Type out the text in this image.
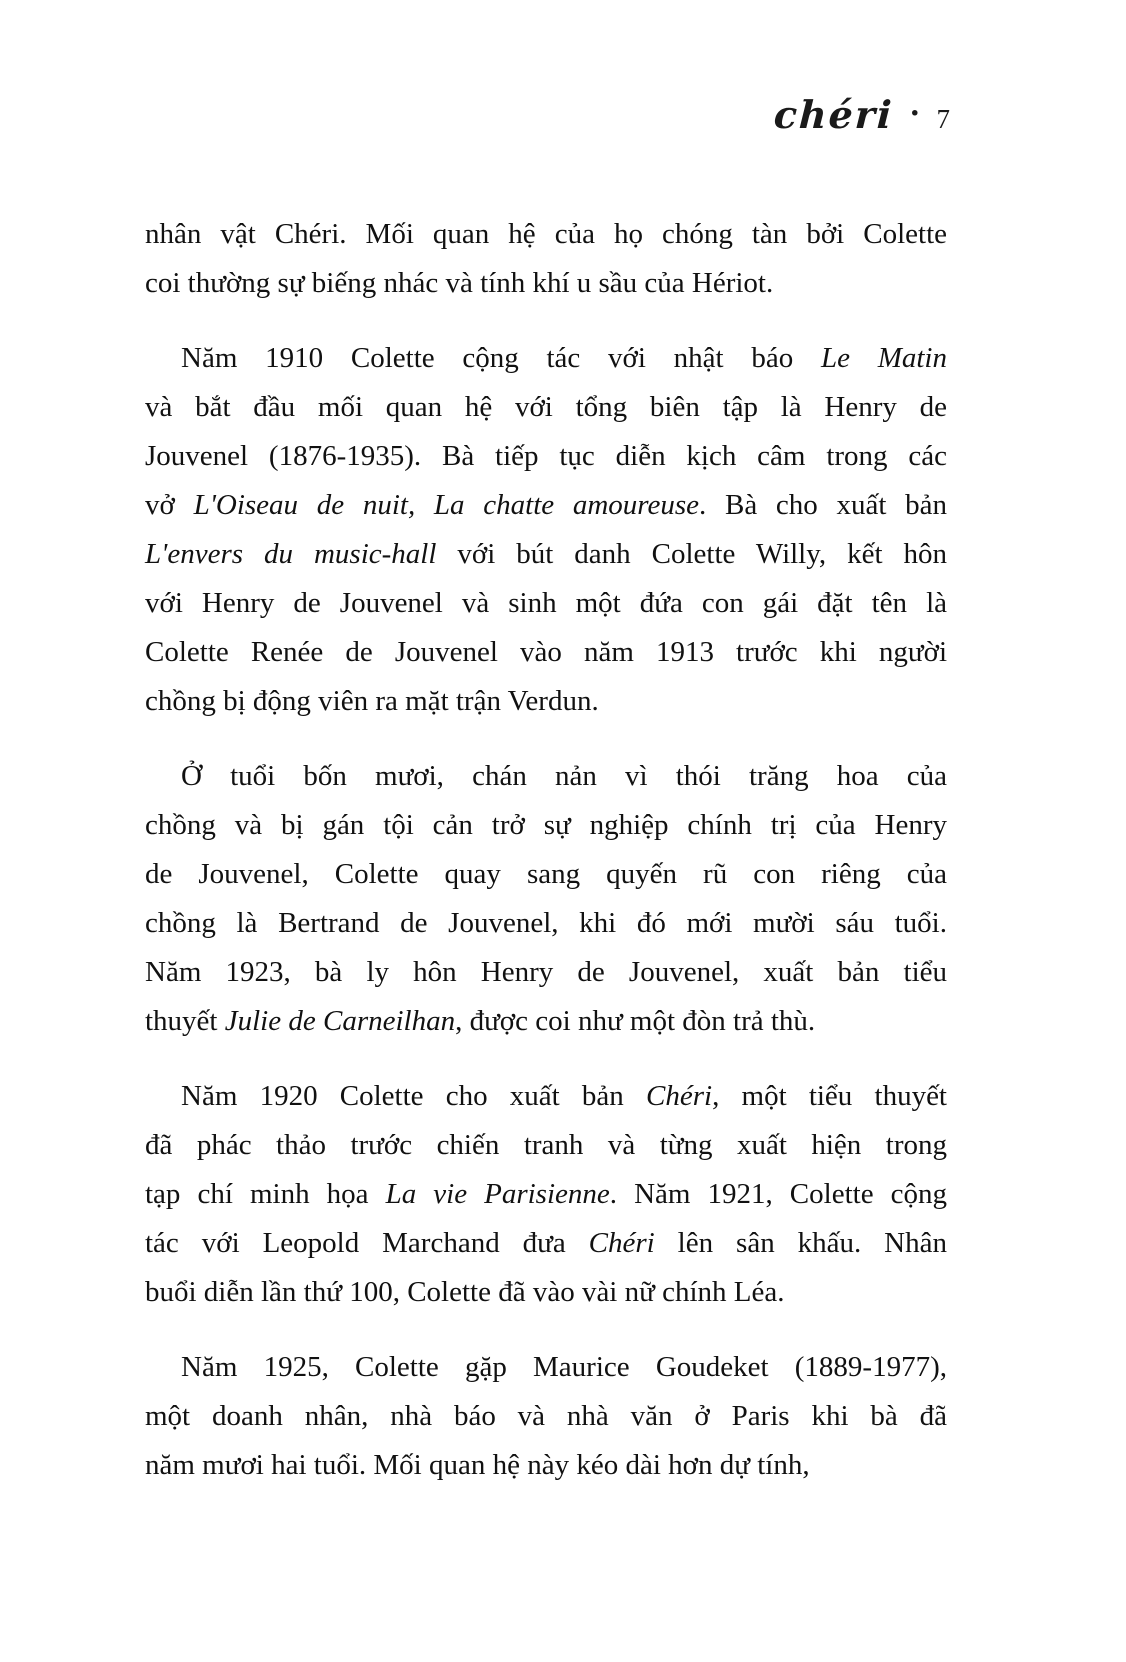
chéri · 7
nhân vật Chéri. Mối quan hệ của họ chóng tàn bởi Colette
coi thường sự biếng nhác và tính khí u sầu của Hériot.
Năm 1910 Colette cộng tác với nhật báo Le Matin
và bắt đầu mối quan hệ với tổng biên tập là Henry de
Jouvenel (1876-1935). Bà tiếp tục diễn kịch câm trong các
vở L'Oiseau de nuit, La chatte amoureuse. Bà cho xuất bản
L'envers du music-hall với bút danh Colette Willy, kết hôn
với Henry de Jouvenel và sinh một đứa con gái đặt tên là
Colette Renée de Jouvenel vào năm 1913 trước khi người
chồng bị động viên ra mặt trận Verdun.
Ở tuổi bốn mươi, chán nản vì thói trăng hoa của
chồng và bị gán tội cản trở sự nghiệp chính trị của Henry
de Jouvenel, Colette quay sang quyến rũ con riêng của
chồng là Bertrand de Jouvenel, khi đó mới mười sáu tuổi.
Năm 1923, bà ly hôn Henry de Jouvenel, xuất bản tiểu
thuyết Julie de Carneilhan, được coi như một đòn trả thù.
Năm 1920 Colette cho xuất bản Chéri, một tiểu thuyết
đã phác thảo trước chiến tranh và từng xuất hiện trong
tạp chí minh họa La vie Parisienne. Năm 1921, Colette cộng
tác với Leopold Marchand đưa Chéri lên sân khấu. Nhân
buổi diễn lần thứ 100, Colette đã vào vài nữ chính Léa.
Năm 1925, Colette gặp Maurice Goudeket (1889-1977),
một doanh nhân, nhà báo và nhà văn ở Paris khi bà đã
năm mươi hai tuổi. Mối quan hệ này kéo dài hơn dự tính,
